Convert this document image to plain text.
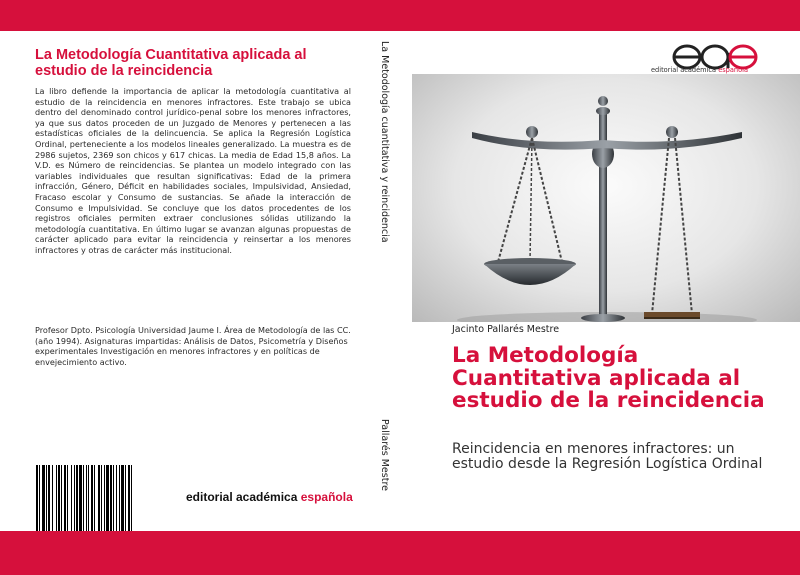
La Metodología Cuantitativa aplicada al estudio de la reincidencia
La libro defiende la importancia de aplicar la metodología cuantitativa al estudio de la reincidencia en menores infractores. Este trabajo se ubica dentro del denominado control jurídico-penal sobre los menores infractores, ya que sus datos proceden de un Juzgado de Menores y pertenecen a las estadísticas oficiales de la delincuencia. Se aplica la Regresión Logística Ordinal, perteneciente a los modelos lineales generalizado. La muestra es de 2986 sujetos, 2369 son chicos y 617 chicas. La media de Edad 15,8 años. La V.D. es Número de reincidencias. Se plantea un modelo integrado con las variables individuales que resultan significativas: Edad de la primera infracción, Género, Déficit en habilidades sociales, Impulsividad, Ansiedad, Fracaso escolar y Consumo de sustancias. Se añade la interacción de Consumo e Impulsividad. Se concluye que los datos procedentes de los registros oficiales permiten extraer conclusiones sólidas utilizando la metodología cuantitativa. En último lugar se avanzan algunas propuestas de carácter aplicado para evitar la reincidencia y reinsertar a los menores infractores y otras de carácter más institucional.
Profesor Dpto. Psicología Universidad Jaume I. Área de Metodología de las CC. (año 1994). Asignaturas impartidas: Análisis de Datos, Psicometría y Diseños experimentales Investigación en menores infractores y en políticas de envejecimiento activo.
editorial académica española
La Metodología cuantitativa y reincidencia
Pallarés Mestre
editorial académica española
Jacinto Pallarés Mestre
La Metodología Cuantitativa aplicada al estudio de la reincidencia
Reincidencia en menores infractores: un estudio desde la Regresión Logística Ordinal
